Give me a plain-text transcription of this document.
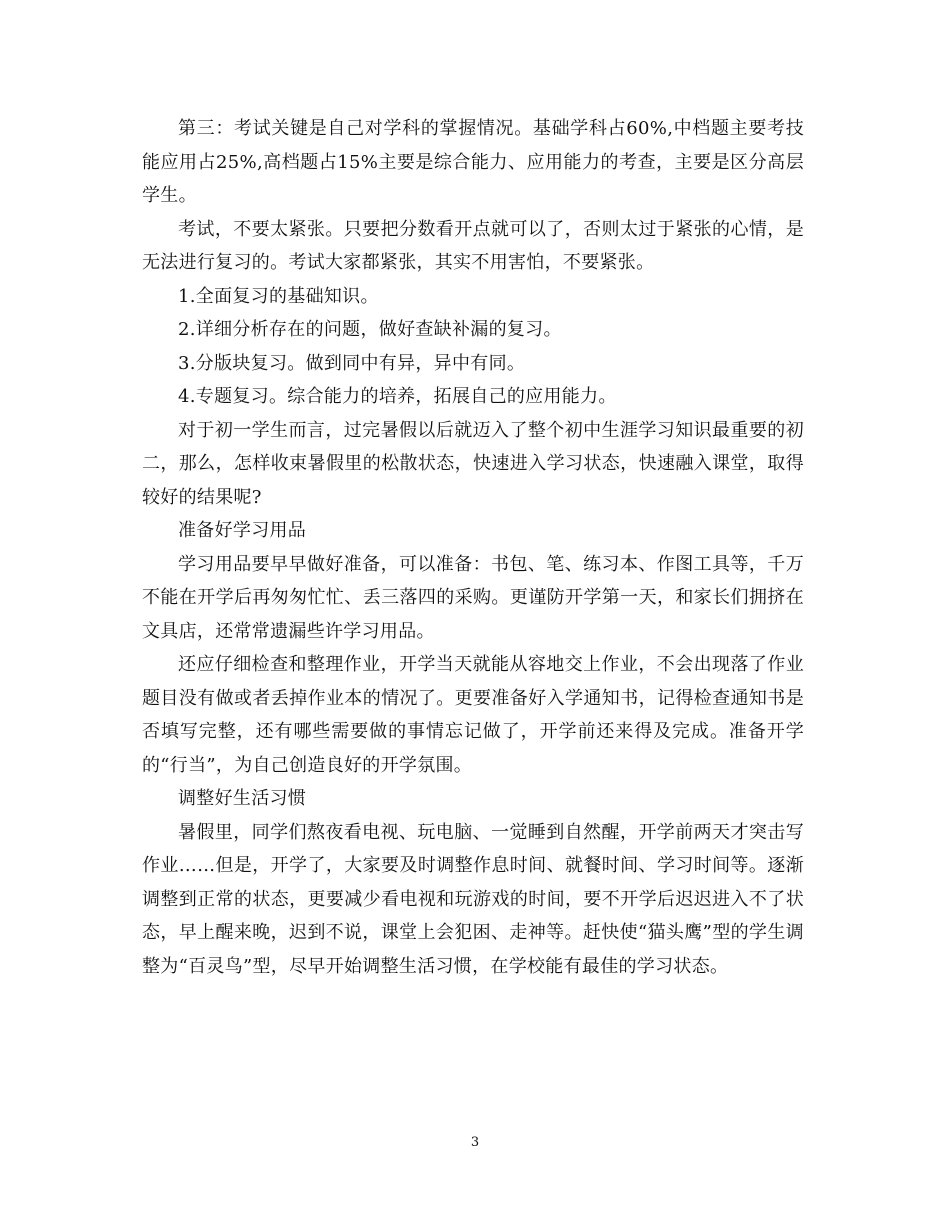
第三：考试关键是自己对学科的掌握情况。基础学科占60%,中档题主要考技能应用占25%,高档题占15%主要是综合能力、应用能力的考查，主要是区分高层学生。

考试，不要太紧张。只要把分数看开点就可以了，否则太过于紧张的心情，是无法进行复习的。考试大家都紧张，其实不用害怕，不要紧张。

1.全面复习的基础知识。

2.详细分析存在的问题，做好查缺补漏的复习。

3.分版块复习。做到同中有异，异中有同。

4.专题复习。综合能力的培养，拓展自己的应用能力。

对于初一学生而言，过完暑假以后就迈入了整个初中生涯学习知识最重要的初二，那么，怎样收束暑假里的松散状态，快速进入学习状态，快速融入课堂，取得较好的结果呢?

准备好学习用品

学习用品要早早做好准备，可以准备：书包、笔、练习本、作图工具等，千万不能在开学后再匆匆忙忙、丢三落四的采购。更谨防开学第一天，和家长们拥挤在文具店，还常常遗漏些许学习用品。

还应仔细检查和整理作业，开学当天就能从容地交上作业，不会出现落了作业题目没有做或者丢掉作业本的情况了。更要准备好入学通知书，记得检查通知书是否填写完整，还有哪些需要做的事情忘记做了，开学前还来得及完成。准备开学的“行当”，为自己创造良好的开学氛围。

调整好生活习惯

暑假里，同学们熬夜看电视、玩电脑、一觉睡到自然醒，开学前两天才突击写作业……但是，开学了，大家要及时调整作息时间、就餐时间、学习时间等。逐渐调整到正常的状态，更要减少看电视和玩游戏的时间，要不开学后迟迟进入不了状态，早上醒来晚，迟到不说，课堂上会犯困、走神等。赶快使“猫头鹰”型的学生调整为“百灵鸟”型，尽早开始调整生活习惯，在学校能有最佳的学习状态。

3
